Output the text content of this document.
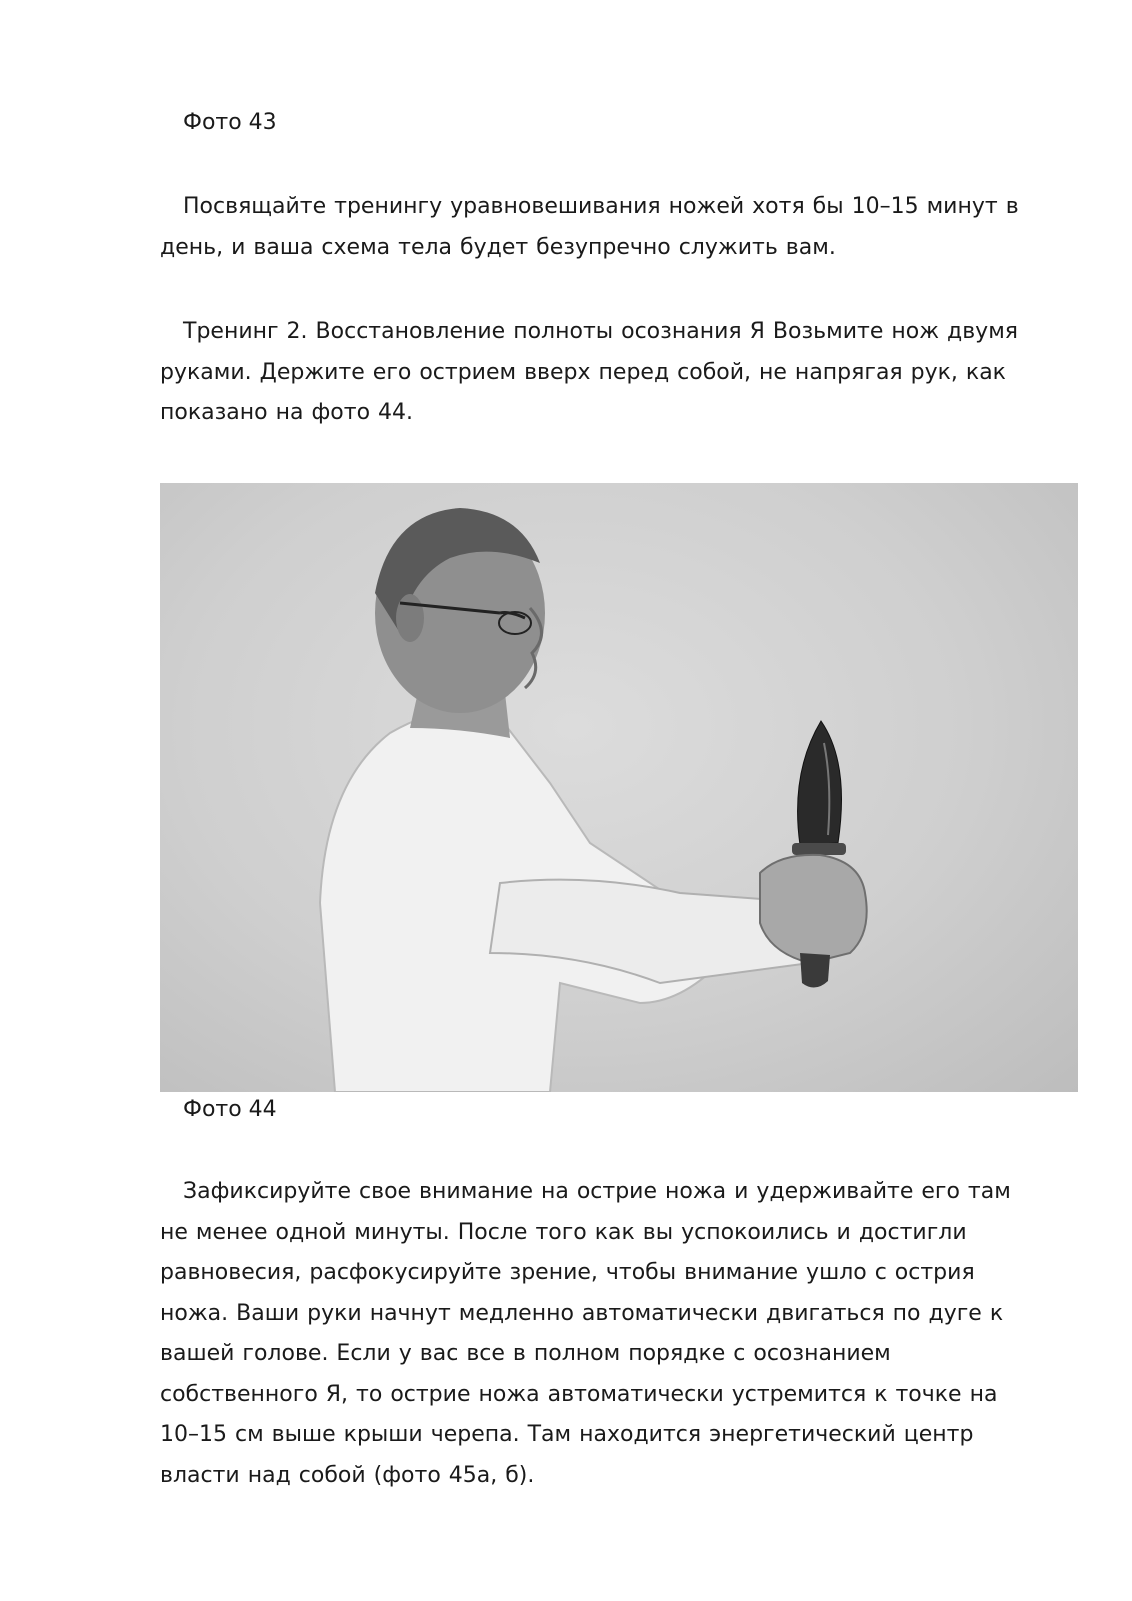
Фото 43

Посвящайте тренингу уравновешивания ножей хотя бы 10–15 минут в день, и ваша схема тела будет безупречно служить вам.

Тренинг 2. Восстановление полноты осознания Я Возьмите нож двумя руками. Держите его острием вверх перед собой, не напрягая рук, как показано на фото 44.

Фото 44

Зафиксируйте свое внимание на острие ножа и удерживайте его там не менее одной минуты. После того как вы успокоились и достигли равновесия, расфокусируйте зрение, чтобы внимание ушло с острия ножа. Ваши руки начнут медленно автоматически двигаться по дуге к вашей голове. Если у вас все в полном порядке с осознанием собственного Я, то острие ножа автоматически устремится к точке на 10–15 см выше крыши черепа. Там находится энергетический центр власти над собой (фото 45а, б).
